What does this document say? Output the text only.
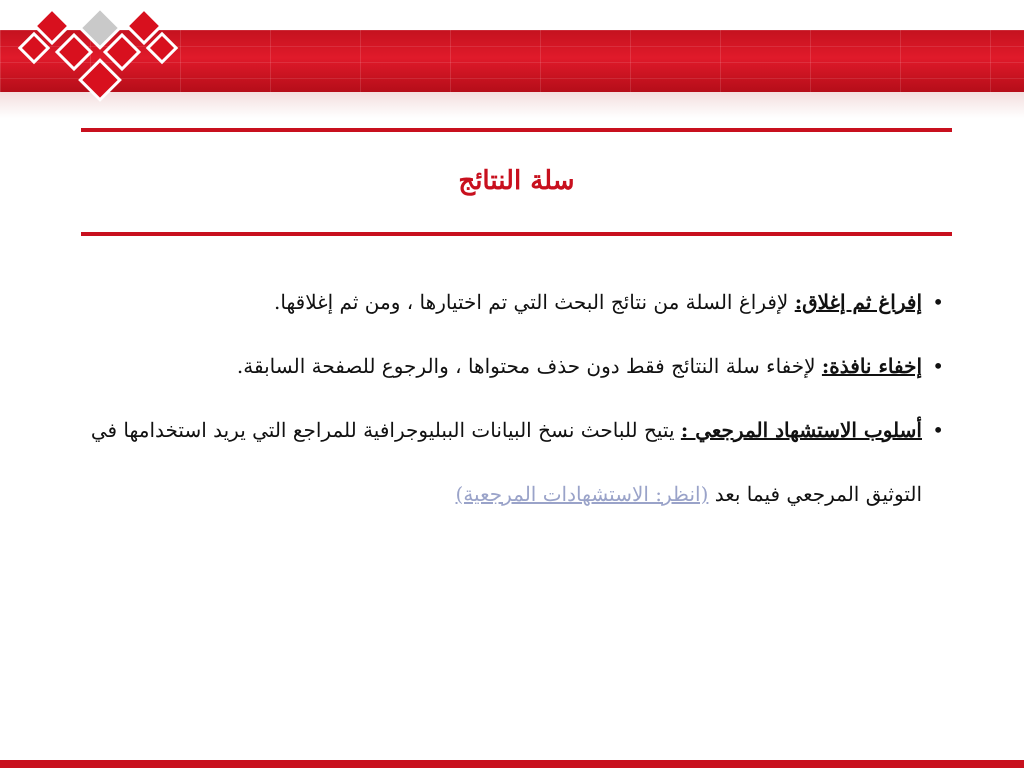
سلة النتائج
•
إفراغ ثم إغلاق: لإفراغ السلة من نتائج البحث التي تم اختيارها ، ومن ثم إغلاقها.
•
إخفاء نافذة: لإخفاء سلة النتائج فقط دون حذف محتواها ، والرجوع للصفحة السابقة.
•
أسلوب الاستشهاد المرجعي : يتيح للباحث نسخ البيانات الببليوجرافية للمراجع التي يريد استخدامها في التوثيق المرجعي فيما بعد (انظر: الاستشهادات المرجعية)
